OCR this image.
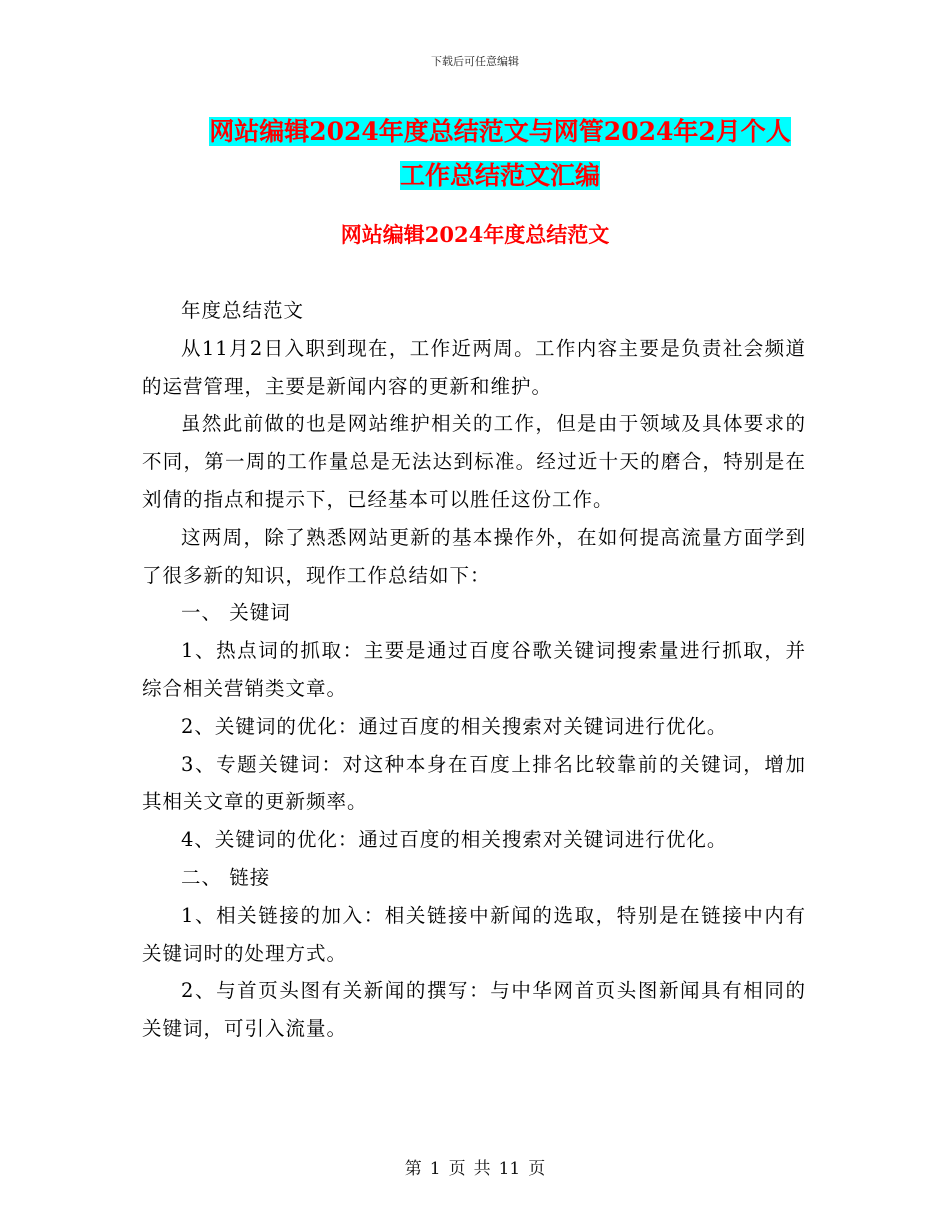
下载后可任意编辑
网站编辑2024年度总结范文与网管2024年2月个人
工作总结范文汇编
网站编辑2024年度总结范文

年度总结范文

从11月2日入职到现在，工作近两周。工作内容主要是负责社会频道的运营管理，主要是新闻内容的更新和维护。

虽然此前做的也是网站维护相关的工作，但是由于领域及具体要求的不同，第一周的工作量总是无法达到标准。经过近十天的磨合，特别是在刘倩的指点和提示下，已经基本可以胜任这份工作。

这两周，除了熟悉网站更新的基本操作外，在如何提高流量方面学到了很多新的知识，现作工作总结如下：

一、 关键词

1、热点词的抓取：主要是通过百度谷歌关键词搜索量进行抓取，并综合相关营销类文章。

2、关键词的优化：通过百度的相关搜索对关键词进行优化。

3、专题关键词：对这种本身在百度上排名比较靠前的关键词，增加其相关文章的更新频率。

4、关键词的优化：通过百度的相关搜索对关键词进行优化。

二、 链接

1、相关链接的加入：相关链接中新闻的选取，特别是在链接中内有关键词时的处理方式。

2、与首页头图有关新闻的撰写：与中华网首页头图新闻具有相同的关键词，可引入流量。

第 1 页 共 11 页
